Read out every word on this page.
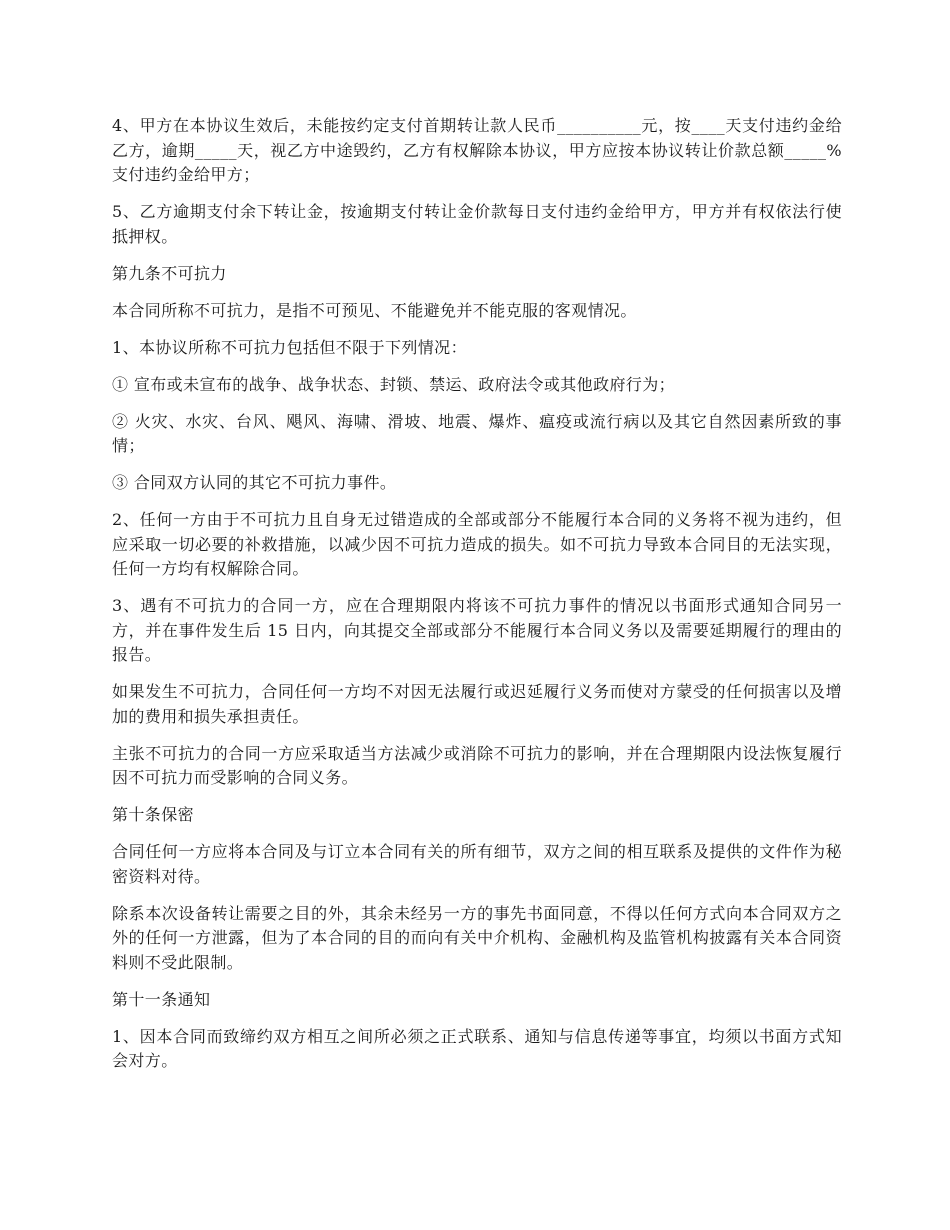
4、甲方在本协议生效后，未能按约定支付首期转让款人民币__________元，按____天支付违约金给乙方，逾期_____天，视乙方中途毁约，乙方有权解除本协议，甲方应按本协议转让价款总额_____%支付违约金给甲方；

5、乙方逾期支付余下转让金，按逾期支付转让金价款每日支付违约金给甲方，甲方并有权依法行使抵押权。

第九条不可抗力

本合同所称不可抗力，是指不可预见、不能避免并不能克服的客观情况。

1、本协议所称不可抗力包括但不限于下列情况：

① 宣布或未宣布的战争、战争状态、封锁、禁运、政府法令或其他政府行为；

② 火灾、水灾、台风、飓风、海啸、滑坡、地震、爆炸、瘟疫或流行病以及其它自然因素所致的事情；

③ 合同双方认同的其它不可抗力事件。

2、任何一方由于不可抗力且自身无过错造成的全部或部分不能履行本合同的义务将不视为违约，但应采取一切必要的补救措施，以减少因不可抗力造成的损失。如不可抗力导致本合同目的无法实现，任何一方均有权解除合同。

3、遇有不可抗力的合同一方，应在合理期限内将该不可抗力事件的情况以书面形式通知合同另一方，并在事件发生后 15 日内，向其提交全部或部分不能履行本合同义务以及需要延期履行的理由的报告。

如果发生不可抗力，合同任何一方均不对因无法履行或迟延履行义务而使对方蒙受的任何损害以及增加的费用和损失承担责任。

主张不可抗力的合同一方应采取适当方法减少或消除不可抗力的影响，并在合理期限内设法恢复履行因不可抗力而受影响的合同义务。

第十条保密

合同任何一方应将本合同及与订立本合同有关的所有细节，双方之间的相互联系及提供的文件作为秘密资料对待。

除系本次设备转让需要之目的外，其余未经另一方的事先书面同意，不得以任何方式向本合同双方之外的任何一方泄露，但为了本合同的目的而向有关中介机构、金融机构及监管机构披露有关本合同资料则不受此限制。

第十一条通知

1、因本合同而致缔约双方相互之间所必须之正式联系、通知与信息传递等事宜，均须以书面方式知会对方。
